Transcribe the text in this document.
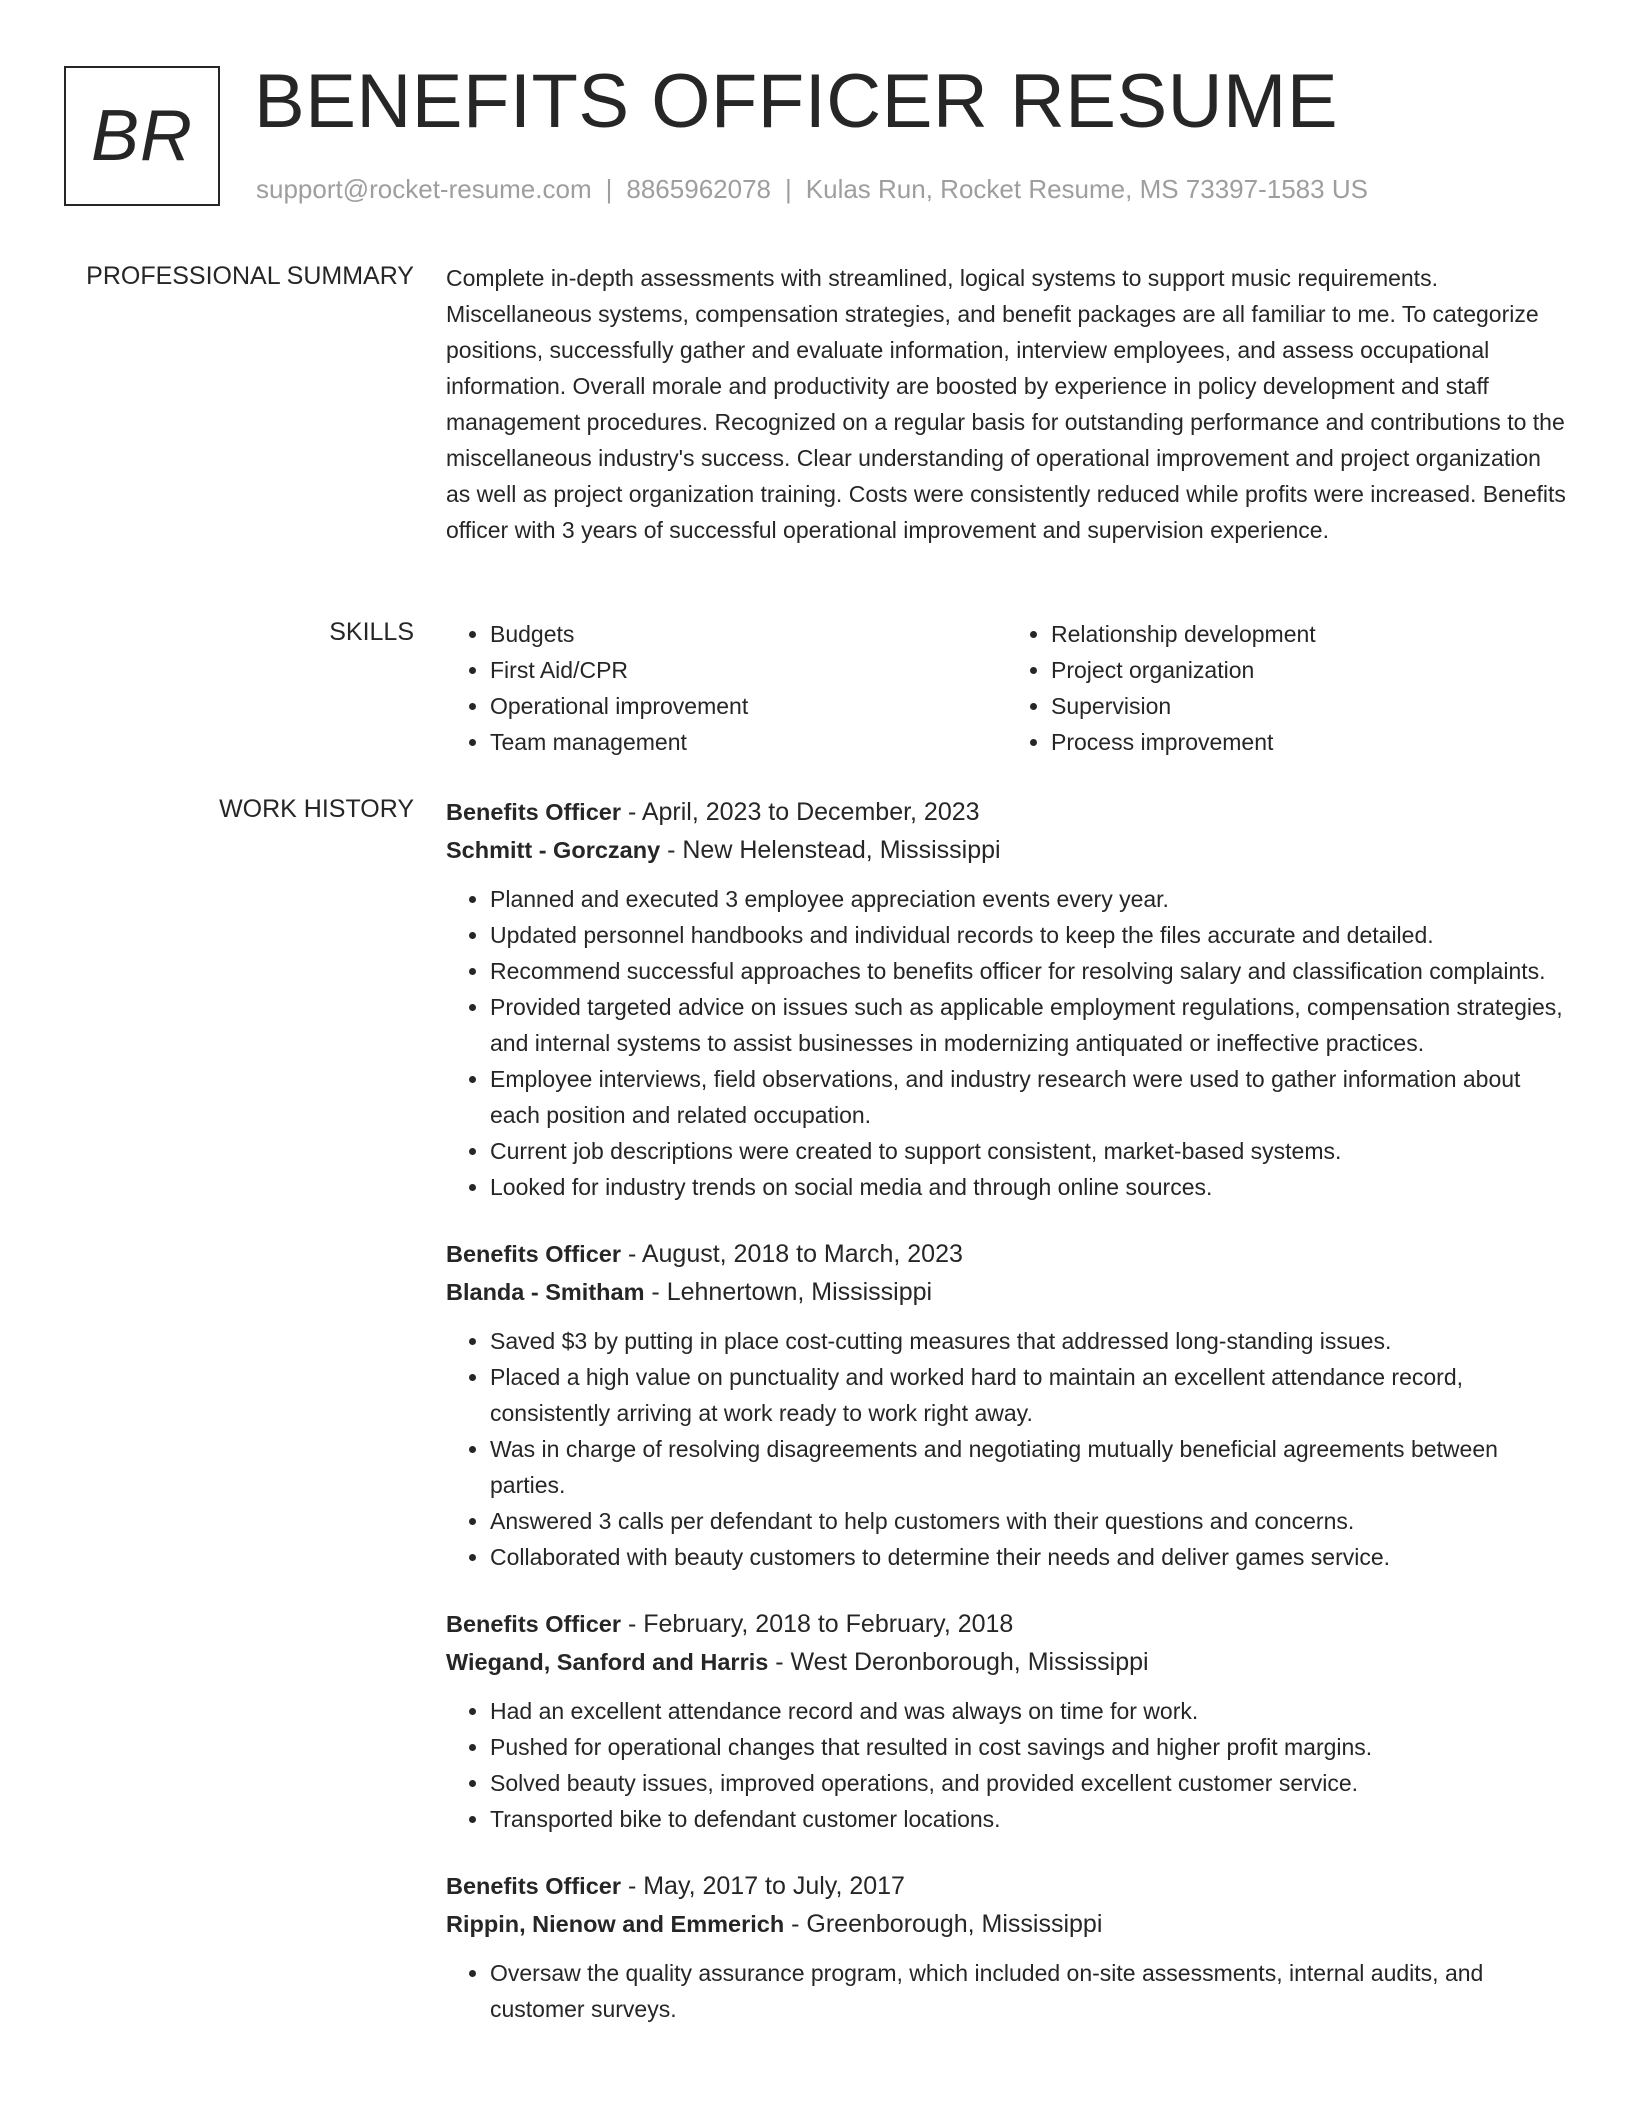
BR BENEFITS OFFICER RESUME
support@rocket-resume.com | 8865962078 | Kulas Run, Rocket Resume, MS 73397-1583 US
PROFESSIONAL SUMMARY Complete in-depth assessments with streamlined, logical systems to support music requirements. Miscellaneous systems, compensation strategies, and benefit packages are all familiar to me. To categorize positions, successfully gather and evaluate information, interview employees, and assess occupational information. Overall morale and productivity are boosted by experience in policy development and staff management procedures. Recognized on a regular basis for outstanding performance and contributions to the miscellaneous industry's success. Clear understanding of operational improvement and project organization as well as project organization training. Costs were consistently reduced while profits were increased. Benefits officer with 3 years of successful operational improvement and supervision experience.

SKILLS
•	Budgets
• First Aid/CPR
• Operational improvement
• Team management
• Relationship development
• Project organization
• Supervision
• Process improvement
WORK HISTORY Benefits Officer - April, 2023 to December, 2023
Schmitt - Gorczany - New Helenstead, Mississippi
• Planned and executed 3 employee appreciation events every year.
• Updated personnel handbooks and individual records to keep the files accurate and detailed.
• Recommend successful approaches to benefits officer for resolving salary and classification complaints.
• Provided targeted advice on issues such as applicable employment regulations, compensation strategies, and internal systems to assist businesses in modernizing antiquated or ineffective practices.
• Employee interviews, field observations, and industry research were used to gather information about each position and related occupation.
• Current job descriptions were created to support consistent, market-based systems.
• Looked for industry trends on social media and through online sources.
Benefits Officer - August, 2018 to March, 2023
Blanda - Smitham - Lehnertown, Mississippi
• Saved $3 by putting in place cost-cutting measures that addressed long-standing issues.
• Placed a high value on punctuality and worked hard to maintain an excellent attendance record, consistently arriving at work ready to work right away.
• Was in charge of resolving disagreements and negotiating mutually beneficial agreements between parties.
• Answered 3 calls per defendant to help customers with their questions and concerns.
• Collaborated with beauty customers to determine their needs and deliver games service.
Benefits Officer - February, 2018 to February, 2018
Wiegand, Sanford and Harris - West Deronborough, Mississippi
• Had an excellent attendance record and was always on time for work.
• Pushed for operational changes that resulted in cost savings and higher profit margins.
• Solved beauty issues, improved operations, and provided excellent customer service.
• Transported bike to defendant customer locations.
Benefits Officer - May, 2017 to July, 2017
Rippin, Nienow and Emmerich - Greenborough, Mississippi
• Oversaw the quality assurance program, which included on-site assessments, internal audits, and customer surveys.
